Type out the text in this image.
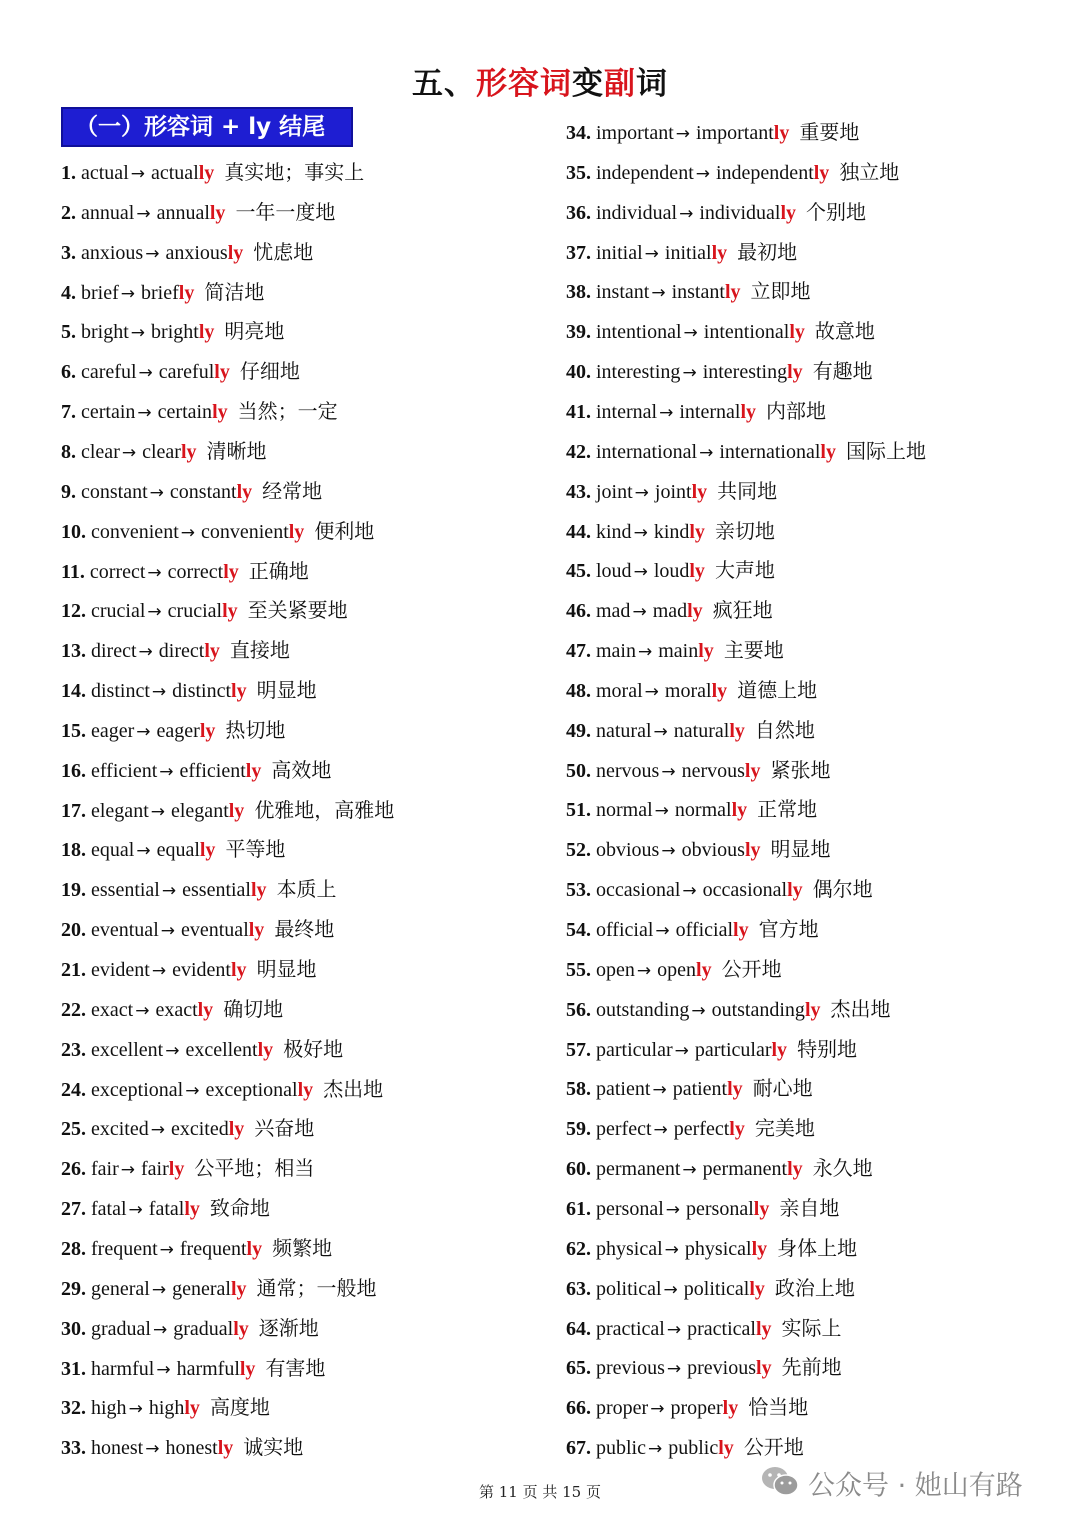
五、形容词变副词
（一）形容词 + ly 结尾
1. actual → actually 真实地；事实上
2. annual → annually 一年一度地
3. anxious → anxiously 忧虑地
4. brief → briefly 简洁地
5. bright → brightly 明亮地
6. careful → carefully 仔细地
7. certain → certainly 当然；一定
8. clear → clearly 清晰地
9. constant → constantly 经常地
10. convenient → conveniently 便利地
11. correct → correctly 正确地
12. crucial → crucially 至关紧要地
13. direct → directly 直接地
14. distinct → distinctly 明显地
15. eager → eagerly 热切地
16. efficient → efficiently 高效地
17. elegant → elegantly 优雅地，高雅地
18. equal → equally 平等地
19. essential → essentially 本质上
20. eventual → eventually 最终地
21. evident → evidently 明显地
22. exact → exactly 确切地
23. excellent → excellently 极好地
24. exceptional → exceptionally 杰出地
25. excited → excitedly 兴奋地
26. fair → fairly 公平地；相当
27. fatal → fatally 致命地
28. frequent → frequently 频繁地
29. general → generally 通常；一般地
30. gradual → gradually 逐渐地
31. harmful → harmfully 有害地
32. high → highly 高度地
33. honest → honestly 诚实地
34. important → importantly 重要地
35. independent → independently 独立地
36. individual → individually 个别地
37. initial → initially 最初地
38. instant → instantly 立即地
39. intentional → intentionally 故意地
40. interesting → interestingly 有趣地
41. internal → internally 内部地
42. international → internationally 国际上地
43. joint → jointly 共同地
44. kind → kindly 亲切地
45. loud → loudly 大声地
46. mad → madly 疯狂地
47. main → mainly 主要地
48. moral → morally 道德上地
49. natural → naturally 自然地
50. nervous → nervously 紧张地
51. normal → normally 正常地
52. obvious → obviously 明显地
53. occasional → occasionally 偶尔地
54. official → officially 官方地
55. open → openly 公开地
56. outstanding → outstandingly 杰出地
57. particular → particularly 特别地
58. patient → patiently 耐心地
59. perfect → perfectly 完美地
60. permanent → permanently 永久地
61. personal → personally 亲自地
62. physical → physically 身体上地
63. political → politically 政治上地
64. practical → practically 实际上
65. previous → previously 先前地
66. proper → properly 恰当地
67. public → publicly 公开地
第 11 页 共 15 页	公众号 · 她山有路
